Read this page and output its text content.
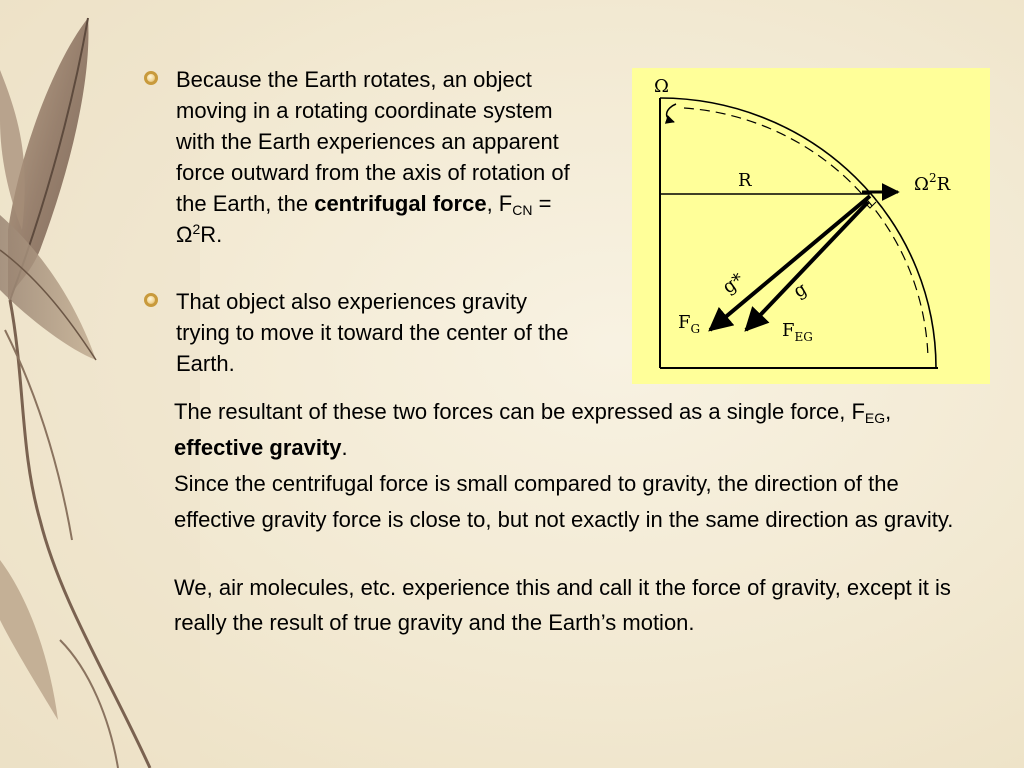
Because the Earth rotates, an object moving in a rotating coordinate system with the Earth experiences an apparent force outward from the axis of rotation of the Earth, the centrifugal force, $F_{CN} = \Omega^2R$.
That object also experiences gravity trying to move it toward the center of the Earth.
The resultant of these two forces can be expressed as a single force, $F_{EG}$, effective gravity.
Since the centrifugal force is small compared to gravity, the direction of the effective gravity force is close to, but not exactly in the same direction as gravity.
We, air molecules, etc. experience this and call it the force of gravity, except it is really the result of true gravity and the Earth’s motion.
Ω
R	$\Omega^2R$
g* g
$F_G$	$F_{EG}$
